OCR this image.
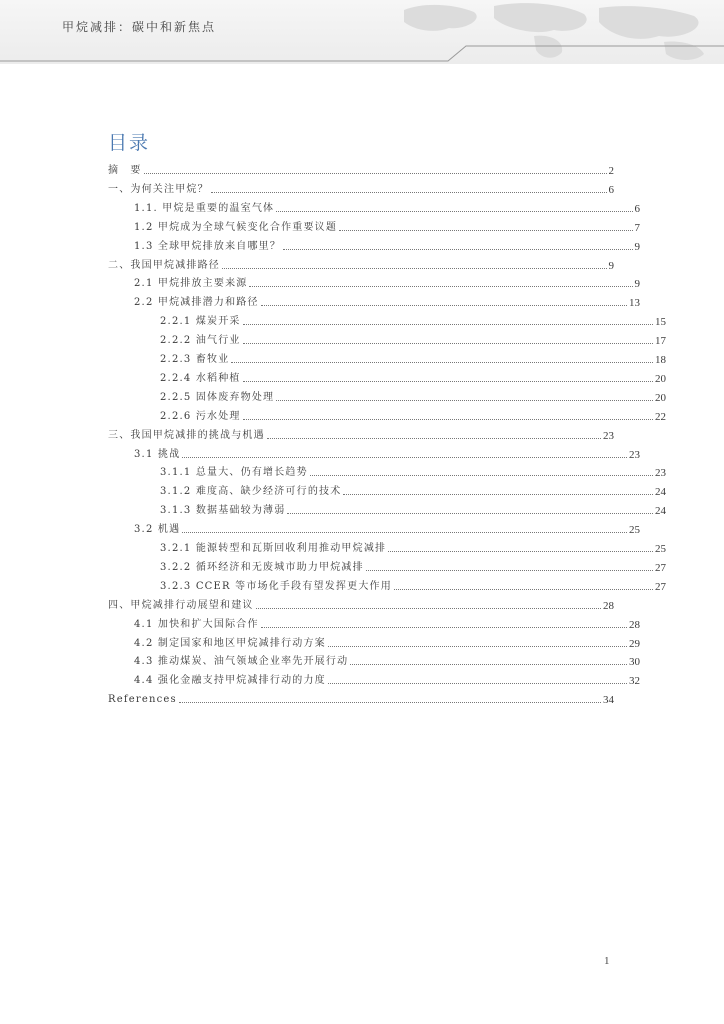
甲烷减排：碳中和新焦点
目录
摘　要	2
一、为何关注甲烷？	6
1.1. 甲烷是重要的温室气体	6
1.2 甲烷成为全球气候变化合作重要议题	7
1.3 全球甲烷排放来自哪里？	9
二、我国甲烷减排路径	9
2.1 甲烷排放主要来源	9
2.2 甲烷减排潜力和路径	13
2.2.1 煤炭开采	15
2.2.2 油气行业	17
2.2.3 畜牧业	18
2.2.4 水稻种植	20
2.2.5 固体废弃物处理	20
2.2.6 污水处理	22
三、我国甲烷减排的挑战与机遇	23
3.1 挑战	23
3.1.1 总量大、仍有增长趋势	23
3.1.2 难度高、缺少经济可行的技术	24
3.1.3 数据基础较为薄弱	24
3.2 机遇	25
3.2.1 能源转型和瓦斯回收利用推动甲烷减排	25
3.2.2 循环经济和无废城市助力甲烷减排	27
3.2.3 CCER 等市场化手段有望发挥更大作用	27
四、甲烷减排行动展望和建议	28
4.1 加快和扩大国际合作	28
4.2 制定国家和地区甲烷减排行动方案	29
4.3 推动煤炭、油气领域企业率先开展行动	30
4.4 强化金融支持甲烷减排行动的力度	32
References	34
1
